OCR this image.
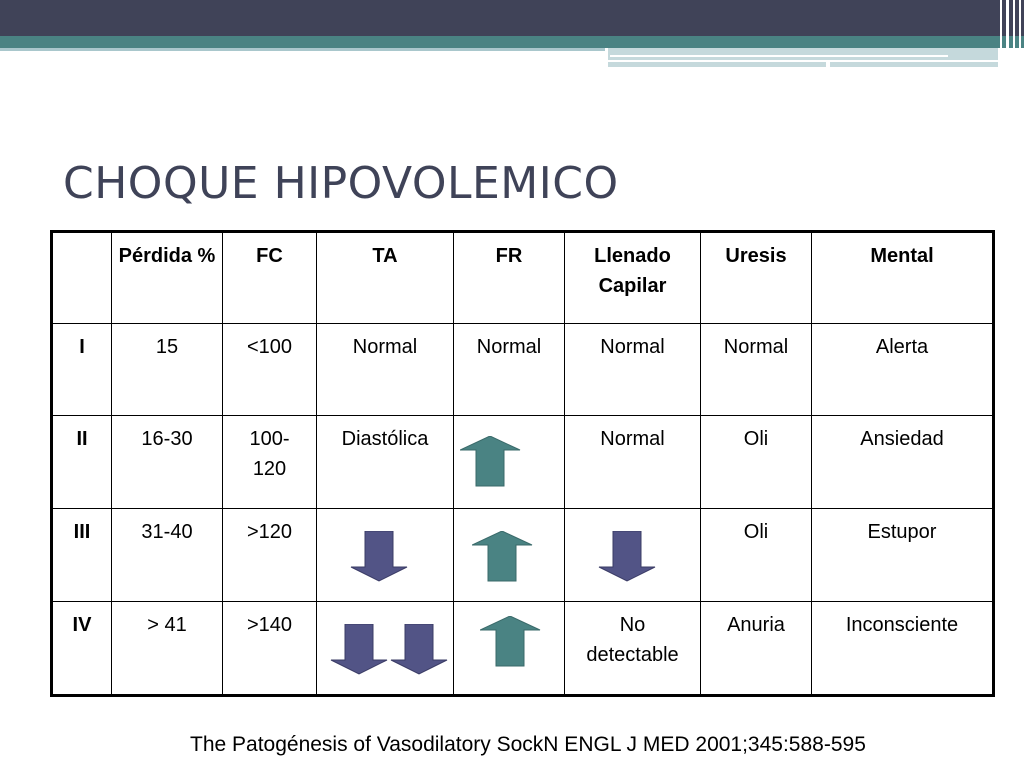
CHOQUE HIPOVOLEMICO
	Pérdida %	FC	TA	FR	Llenado Capilar	Uresis	Mental
I	15	<100	Normal	Normal	Normal	Normal	Alerta
II	16-30	100-120	Diastólica		Normal	Oli	Ansiedad
III	31-40	>120				Oli	Estupor
IV	> 41	>140			No detectable	Anuria	Inconsciente
The Patogénesis of Vasodilatory SockN ENGL J MED 2001;345:588-595
